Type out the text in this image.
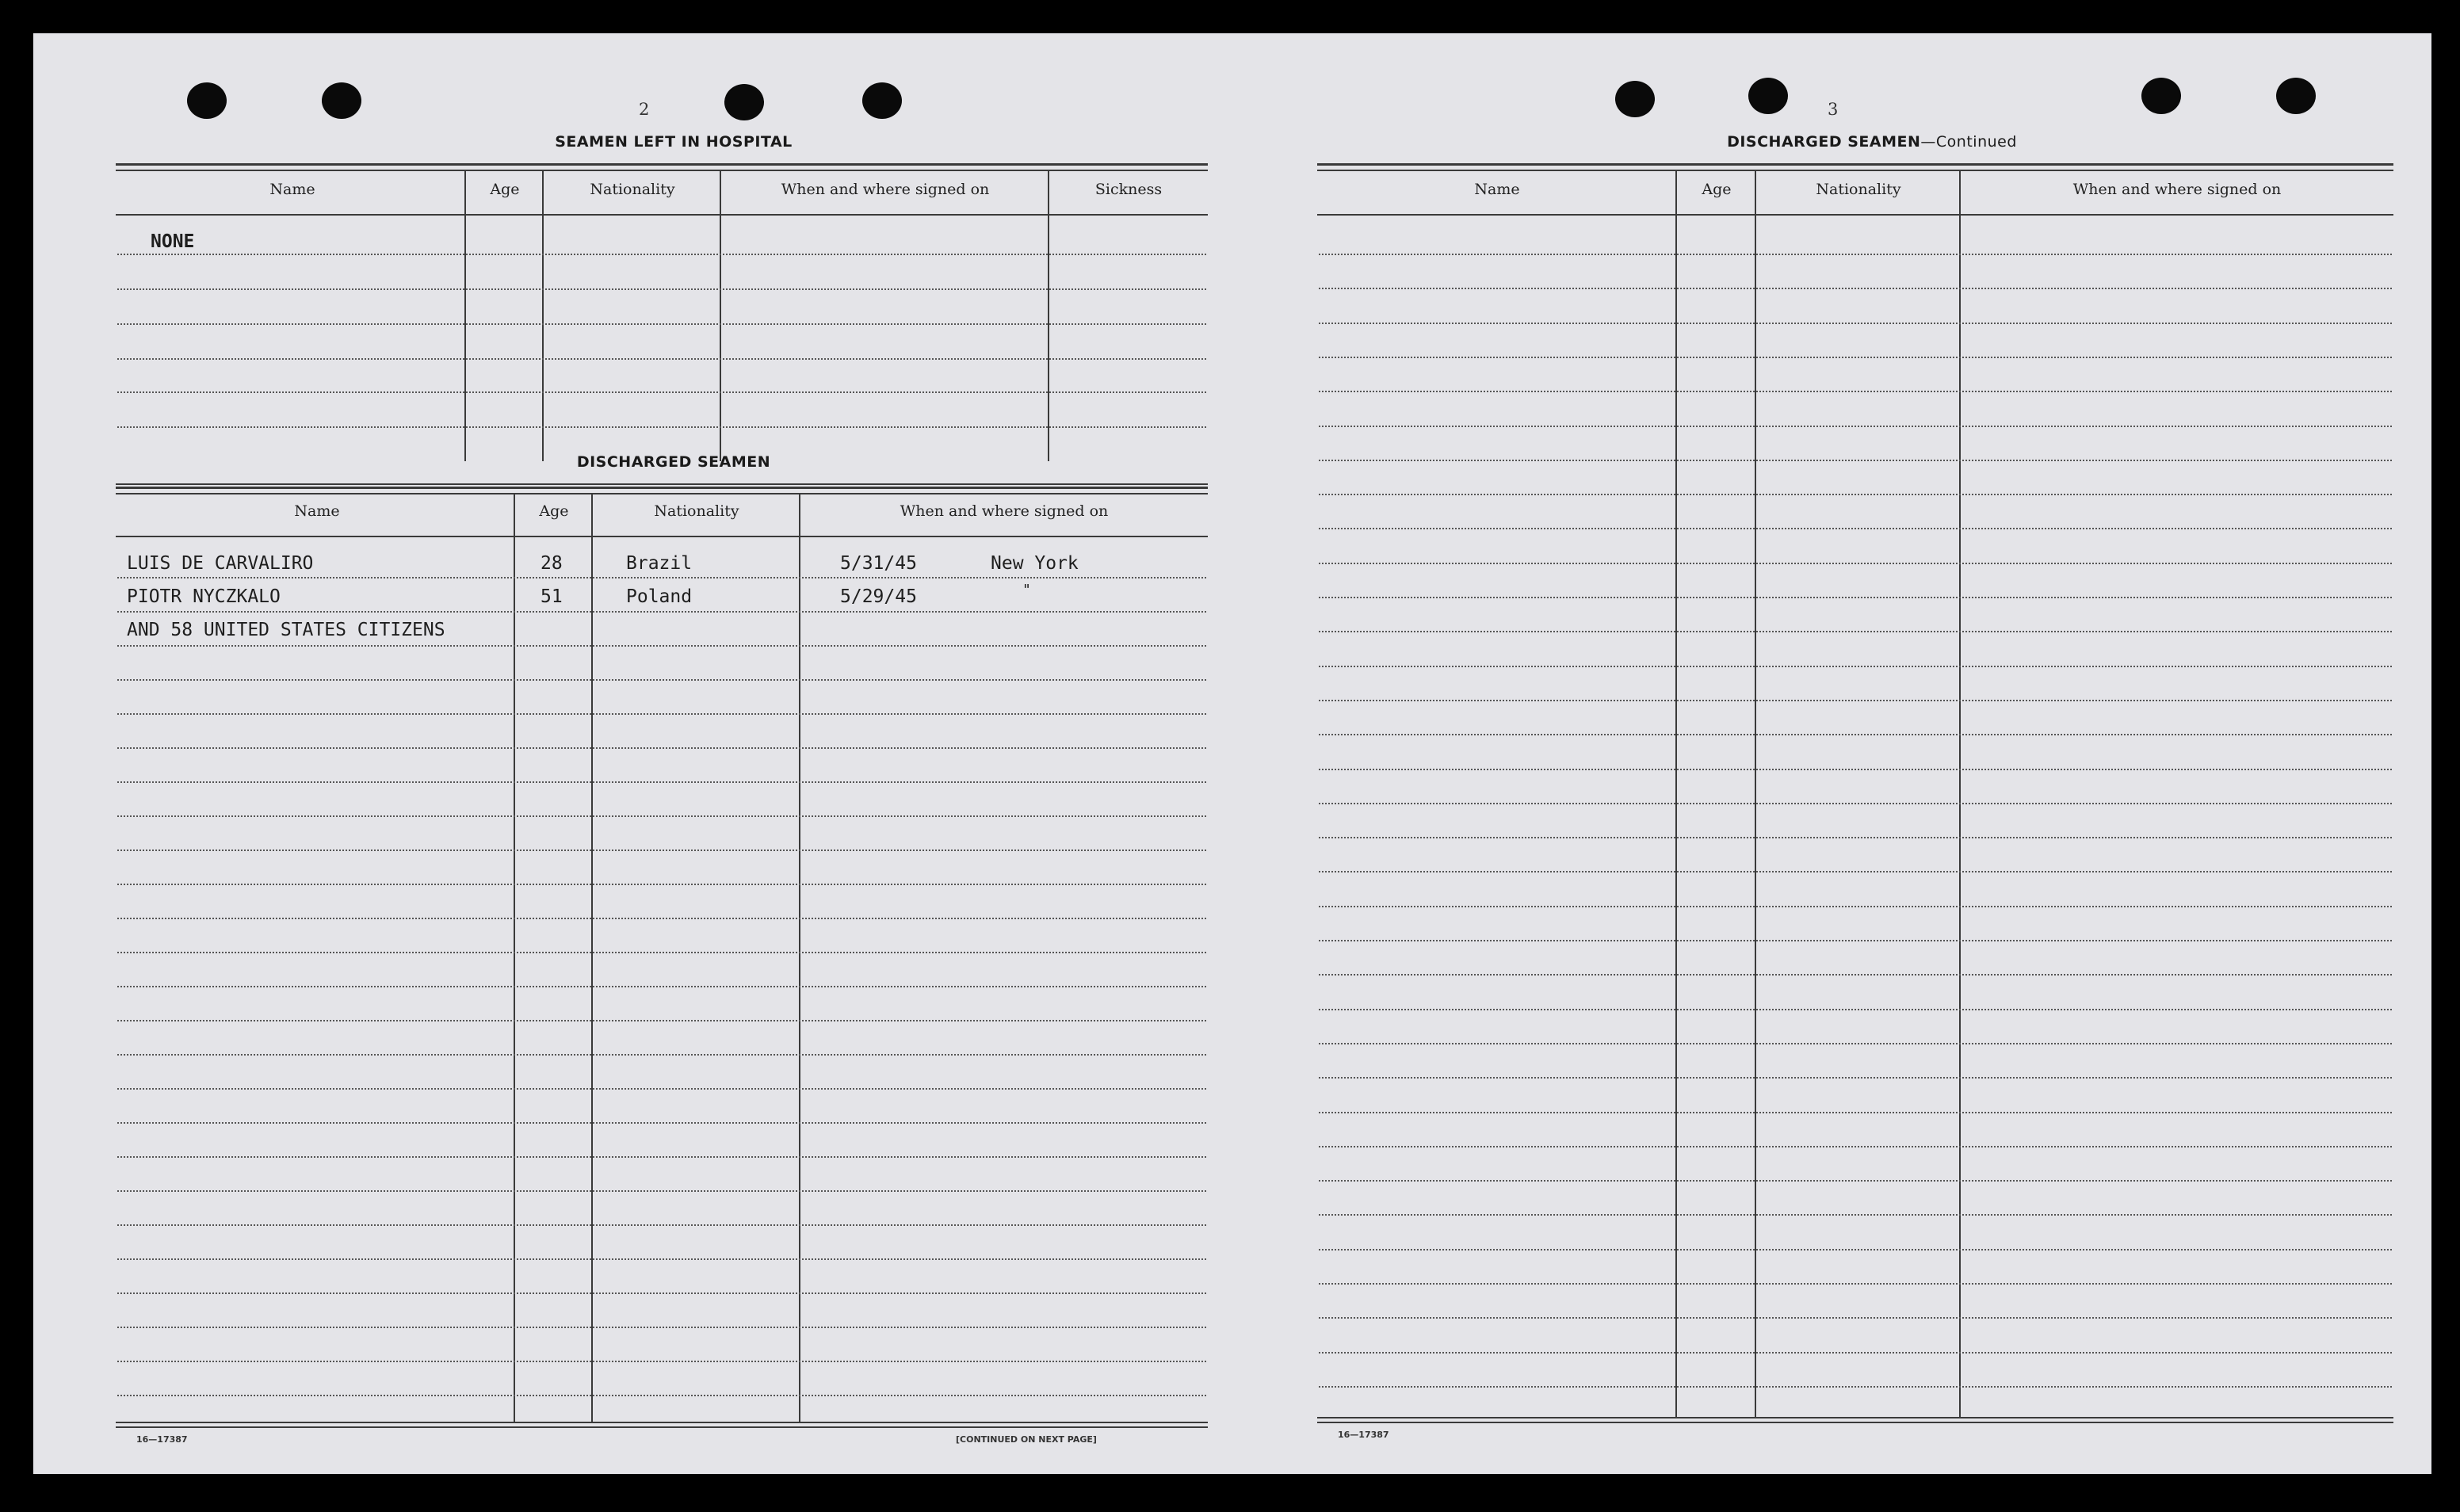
2
SEAMEN LEFT IN HOSPITAL
Name	Age	Nationality	When and where signed on	Sickness
NONE
DISCHARGED SEAMEN
Name	Age	Nationality	When and where signed on
LUIS DE CARVALIRO	28	Brazil	5/31/45	New York
PIOTR NYCZKALO	51	Poland	5/29/45	"
AND 58 UNITED STATES CITIZENS
16—17387	[CONTINUED ON NEXT PAGE]
3
DISCHARGED SEAMEN—Continued
Name	Age	Nationality	When and where signed on
16—17387
